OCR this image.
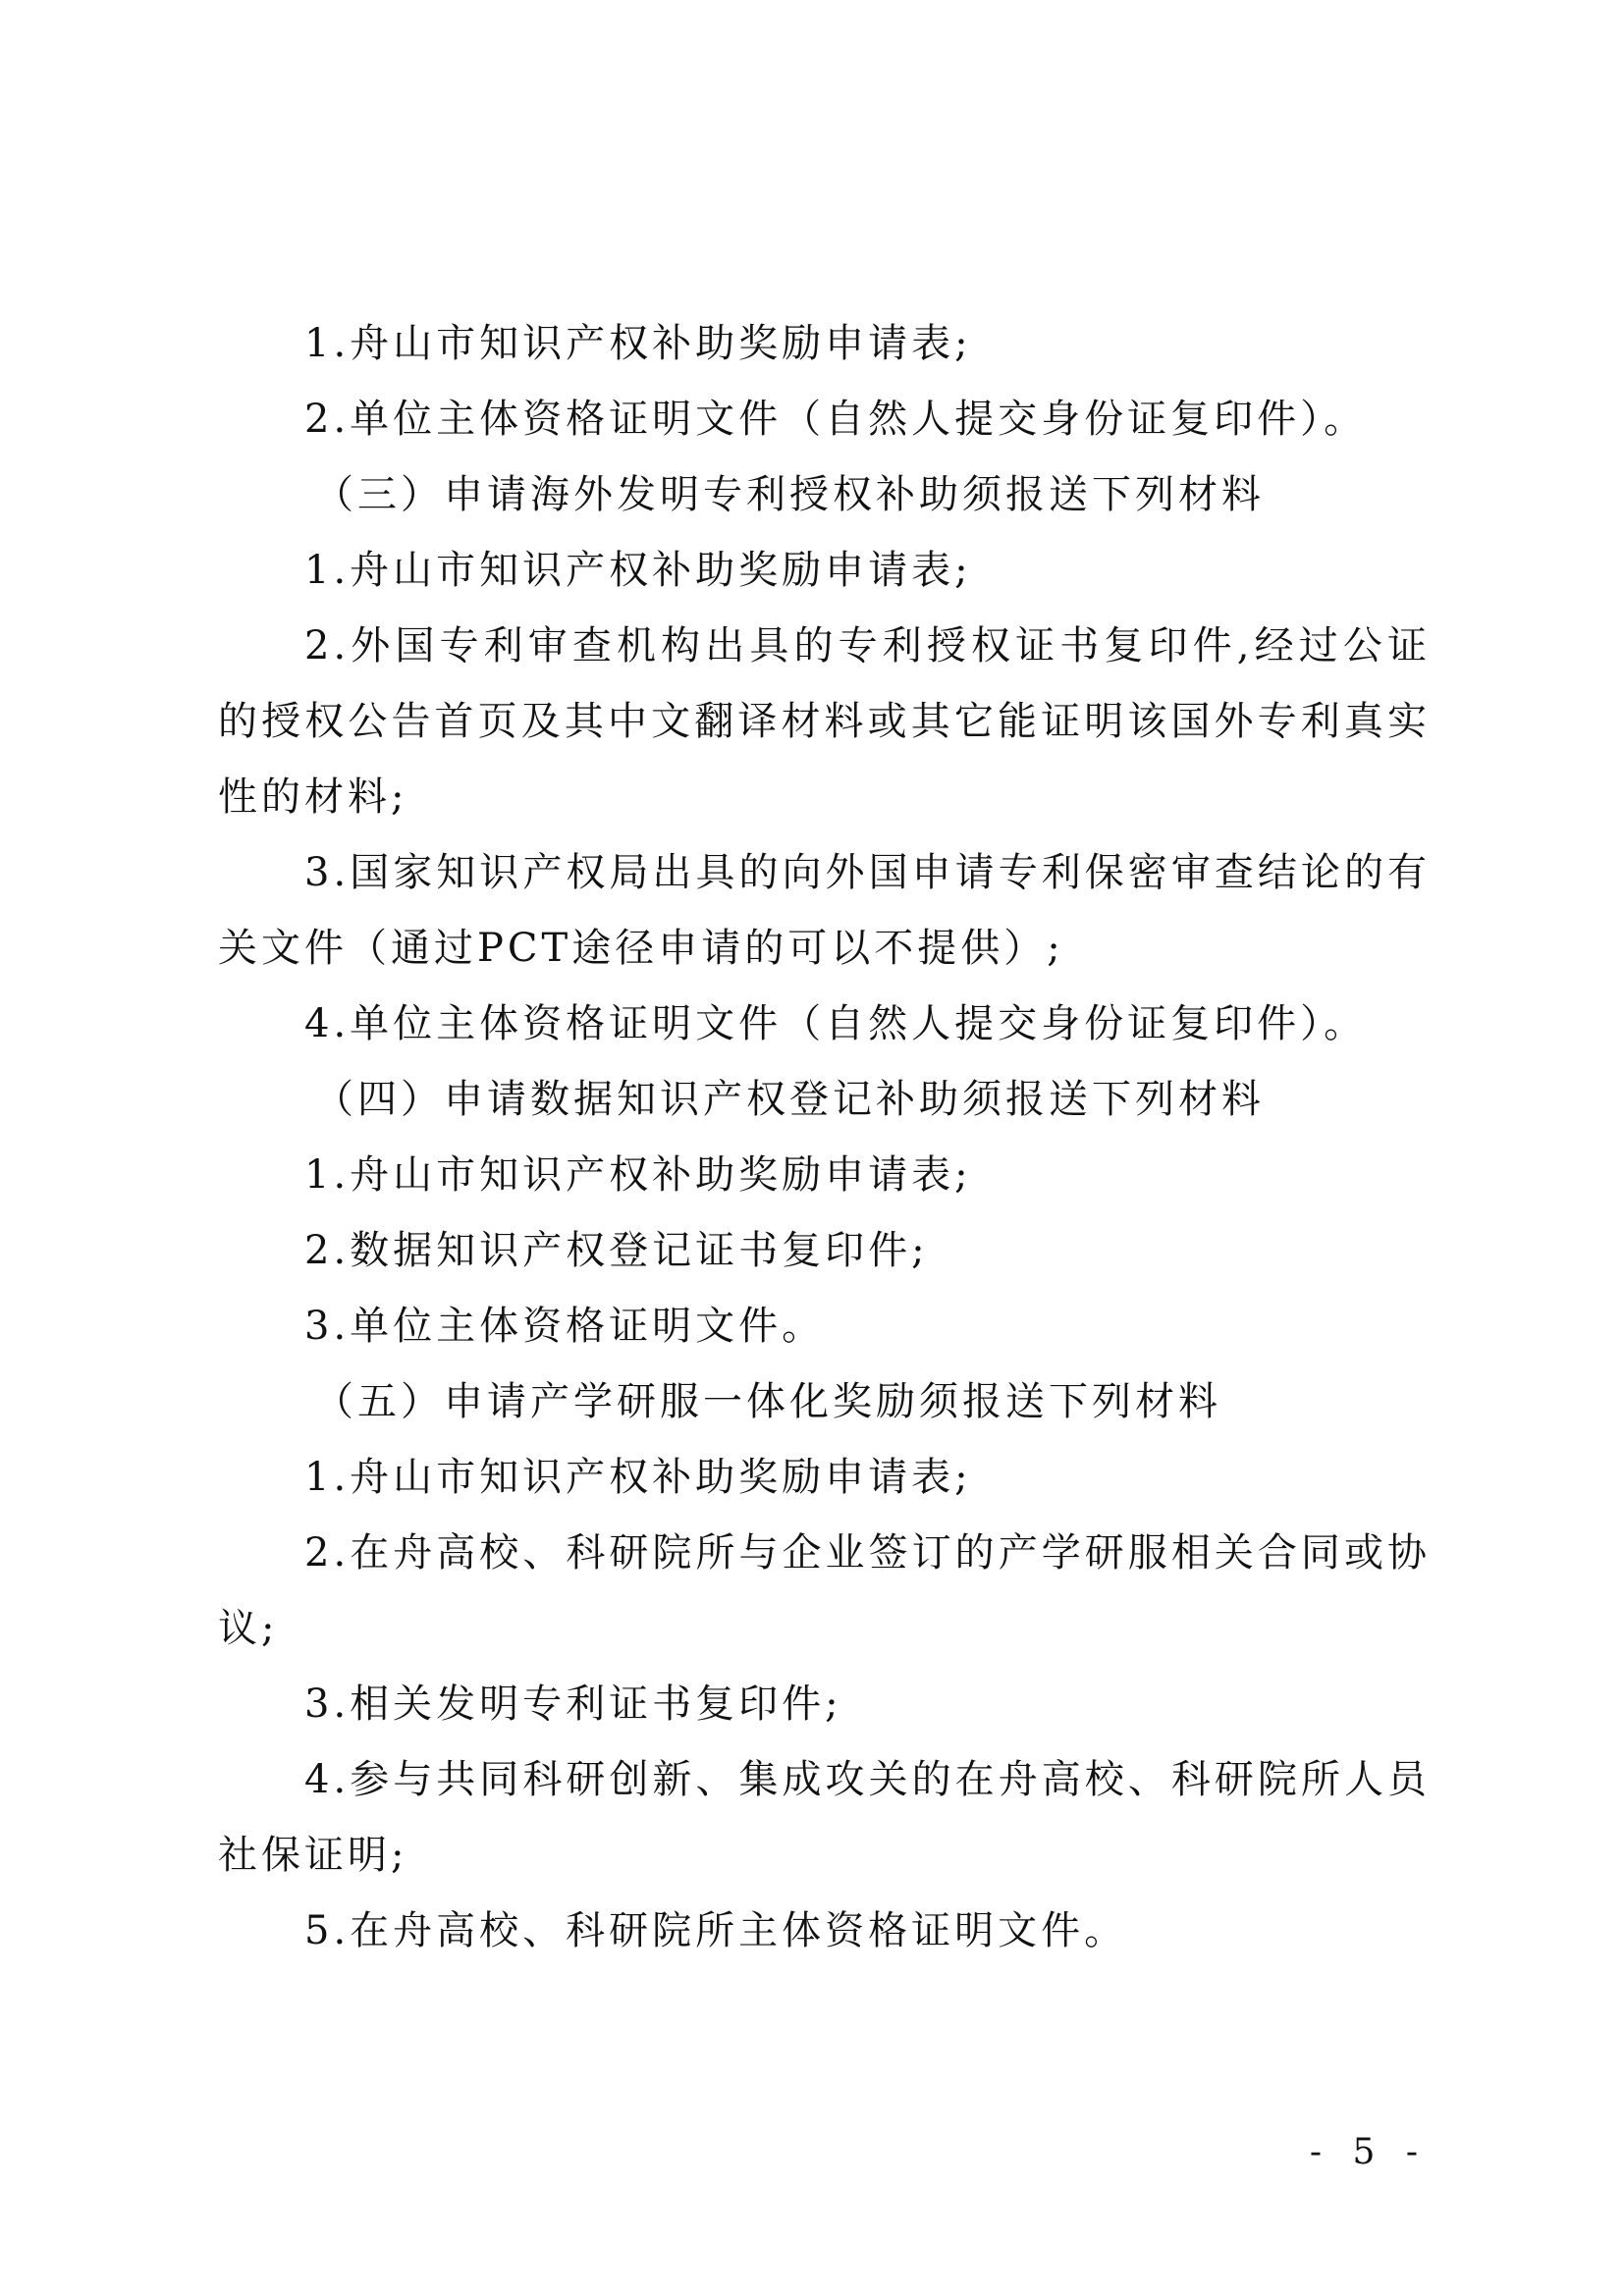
1.舟山市知识产权补助奖励申请表;

2.单位主体资格证明文件（自然人提交身份证复印件）。

（三）申请海外发明专利授权补助须报送下列材料

1.舟山市知识产权补助奖励申请表;

2.外国专利审查机构出具的专利授权证书复印件,经过公证的授权公告首页及其中文翻译材料或其它能证明该国外专利真实性的材料;

3.国家知识产权局出具的向外国申请专利保密审查结论的有关文件（通过PCT途径申请的可以不提供）;

4.单位主体资格证明文件（自然人提交身份证复印件）。

（四）申请数据知识产权登记补助须报送下列材料

1.舟山市知识产权补助奖励申请表;

2.数据知识产权登记证书复印件;

3.单位主体资格证明文件。

（五）申请产学研服一体化奖励须报送下列材料

1.舟山市知识产权补助奖励申请表;

2.在舟高校、科研院所与企业签订的产学研服相关合同或协议;

3.相关发明专利证书复印件;

4.参与共同科研创新、集成攻关的在舟高校、科研院所人员社保证明;

5.在舟高校、科研院所主体资格证明文件。

- 5 -
